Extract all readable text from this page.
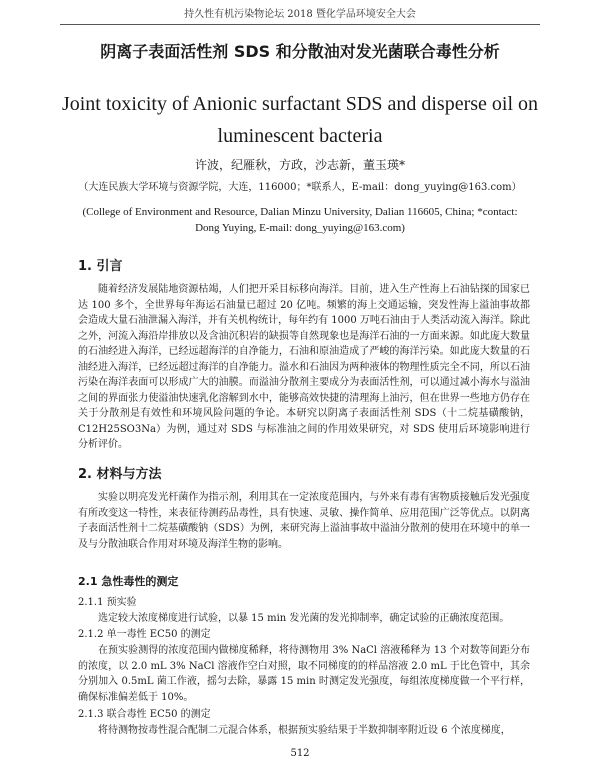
持久性有机污染物论坛 2018 暨化学品环境安全大会
阴离子表面活性剂 SDS 和分散油对发光菌联合毒性分析
Joint toxicity of Anionic surfactant SDS and disperse oil on luminescent bacteria
许波，纪雁秋，方政，沙志新，董玉瑛*
（大连民族大学环境与资源学院，大连，116000；*联系人，E-mail：dong_yuying@163.com）
(College of Environment and Resource, Dalian Minzu University, Dalian 116605, China; *contact: Dong Yuying, E-mail: dong_yuying@163.com)
1. 引言

随着经济发展陆地资源枯竭，人们把开采目标移向海洋。目前，进入生产性海上石油钻探的国家已达 100 多个，全世界每年海运石油量已超过 20 亿吨。频繁的海上交通运输，突发性海上溢油事故都会造成大量石油泄漏入海洋，并有关机构统计，每年约有 1000 万吨石油由于人类活动流入海洋。除此之外，河流入海沿岸排放以及含油沉积岩的缺损等自然现象也是海洋石油的一方面来源。如此庞大数量的石油经进入海洋，已经远超海洋的自净能力，石油和原油造成了严峻的海洋污染。如此庞大数量的石油经进入海洋，已经远超过海洋的自净能力。溢水和石油因为两种液体的物理性质完全不同，所以石油污染在海洋表面可以形成广大的油膜。而溢油分散剂主要成分为表面活性剂，可以通过减小海水与溢油之间的界面张力使溢油快速乳化溶解到水中，能够高效快捷的清理海上油污，但在世界一些地方仍存在关于分散剂是有效性和环境风险问题的争论。本研究以阴离子表面活性剂 SDS（十二烷基磺酸钠，C12H25SO3Na）为例，通过对 SDS 与标准油之间的作用效果研究，对 SDS 使用后环境影响进行分析评价。

2. 材料与方法

实验以明亮发光杆菌作为指示剂，利用其在一定浓度范围内，与外来有毒有害物质接触后发光强度有所改变这一特性，来表征待测药品毒性，具有快速、灵敏、操作简单、应用范围广泛等优点。以阴离子表面活性剂十二烷基磺酸钠（SDS）为例，来研究海上溢油事故中溢油分散剂的使用在环境中的单一及与分散油联合作用对环境及海洋生物的影响。

2.1 急性毒性的测定
2.1.1 预实验

选定较大浓度梯度进行试验，以暴 15 min 发光菌的发光抑制率，确定试验的正确浓度范围。

2.1.2 单一毒性 EC50 的测定

在预实验测得的浓度范围内做梯度稀释，将待测物用 3% NaCl 溶液稀释为 13 个对数等间距分布的浓度，以 2.0 mL 3% NaCl 溶液作空白对照，取不同梯度的的样品溶液 2.0 mL 于比色管中，其余分别加入 0.5mL 菌工作液，摇匀去除，暴露 15 min 时测定发光强度，每组浓度梯度做一个平行样，确保标准偏差低于 10%。

2.1.3 联合毒性 EC50 的测定

将待测物按毒性混合配制二元混合体系，根据预实验结果于半数抑制率附近设 6 个浓度梯度，

512
